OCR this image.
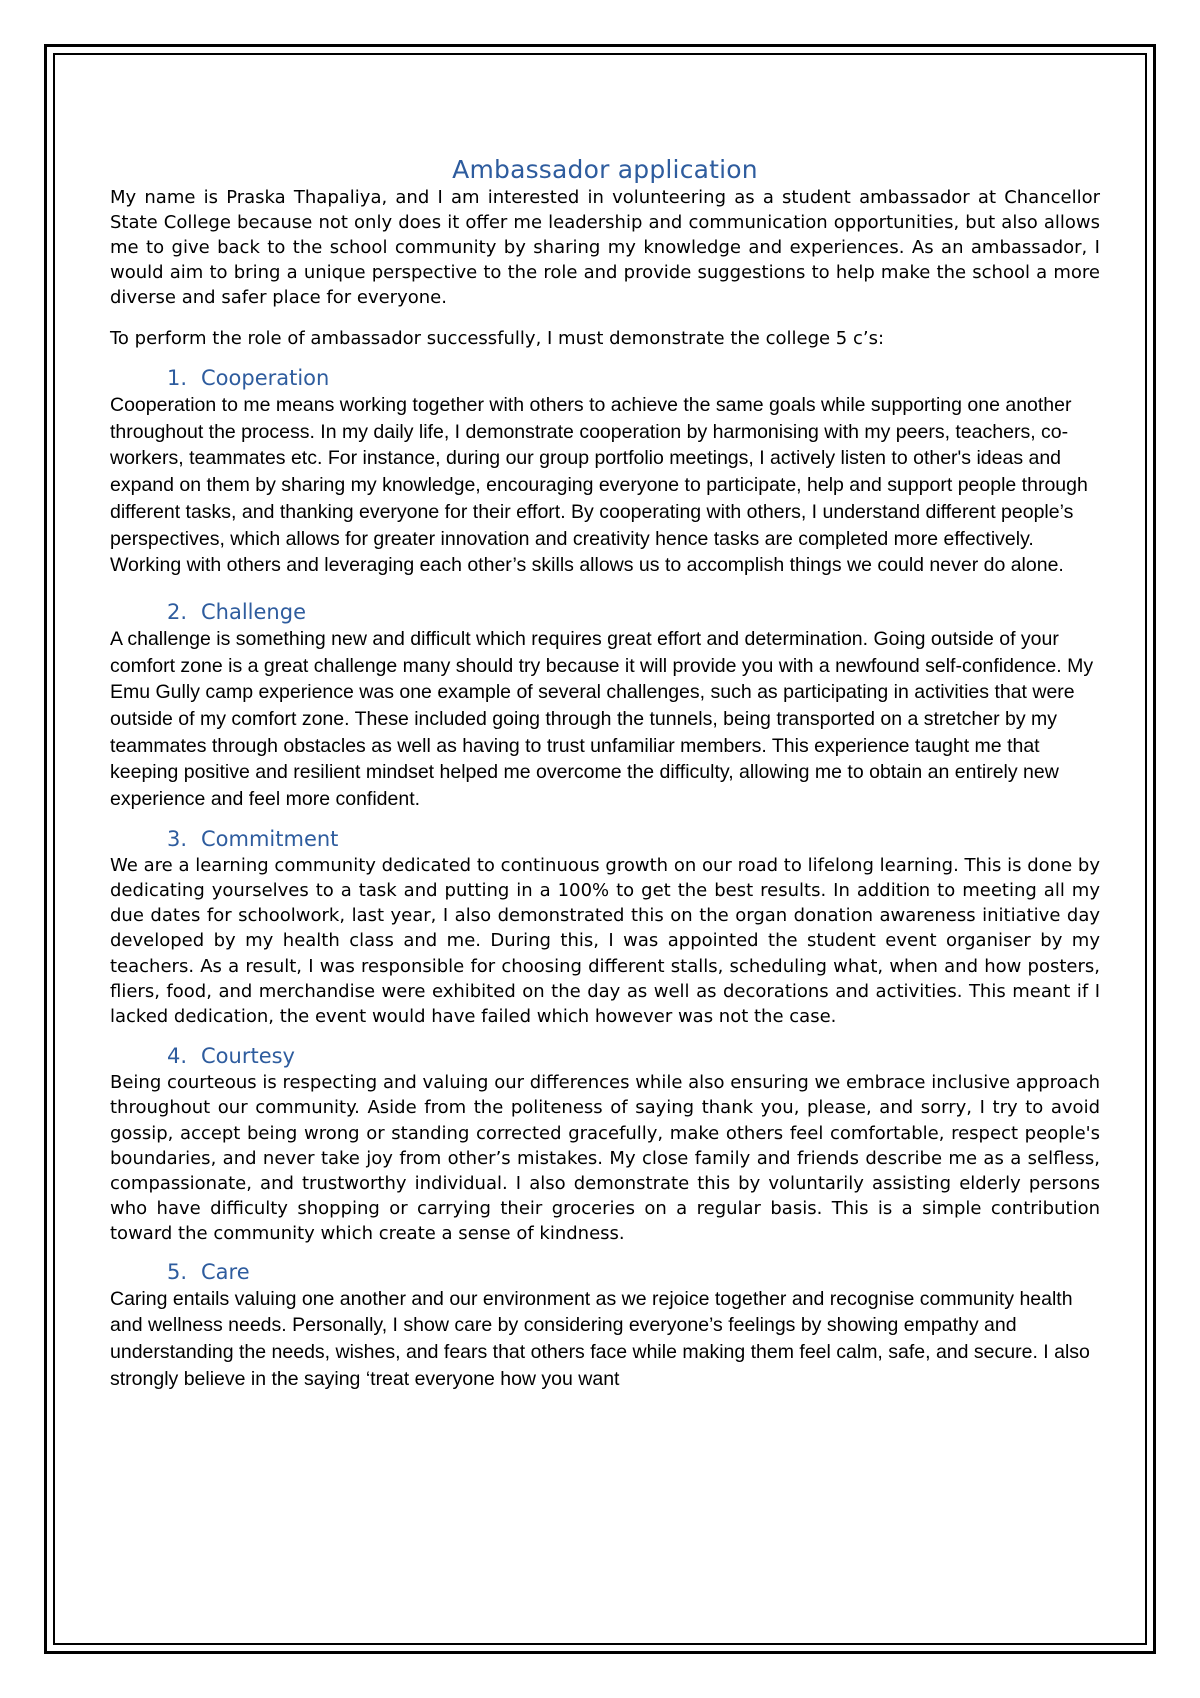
Ambassador application

My name is Praska Thapaliya, and I am interested in volunteering as a student ambassador at Chancellor State College because not only does it offer me leadership and communication opportunities, but also allows me to give back to the school community by sharing my knowledge and experiences. As an ambassador, I would aim to bring a unique perspective to the role and provide suggestions to help make the school a more diverse and safer place for everyone.

To perform the role of ambassador successfully, I must demonstrate the college 5 c’s:

1. Cooperation

Cooperation to me means working together with others to achieve the same goals while supporting one another throughout the process. In my daily life, I demonstrate cooperation by harmonising with my peers, teachers, co-workers, teammates etc. For instance, during our group portfolio meetings, I actively listen to other's ideas and expand on them by sharing my knowledge, encouraging everyone to participate, help and support people through different tasks, and thanking everyone for their effort. By cooperating with others, I understand different people’s perspectives, which allows for greater innovation and creativity hence tasks are completed more effectively. Working with others and leveraging each other’s skills allows us to accomplish things we could never do alone.

2. Challenge

A challenge is something new and difficult which requires great effort and determination. Going outside of your comfort zone is a great challenge many should try because it will provide you with a newfound self-confidence. My Emu Gully camp experience was one example of several challenges, such as participating in activities that were outside of my comfort zone. These included going through the tunnels, being transported on a stretcher by my teammates through obstacles as well as having to trust unfamiliar members. This experience taught me that keeping positive and resilient mindset helped me overcome the difficulty, allowing me to obtain an entirely new experience and feel more confident.

3. Commitment

We are a learning community dedicated to continuous growth on our road to lifelong learning. This is done by dedicating yourselves to a task and putting in a 100% to get the best results. In addition to meeting all my due dates for schoolwork, last year, I also demonstrated this on the organ donation awareness initiative day developed by my health class and me. During this, I was appointed the student event organiser by my teachers. As a result, I was responsible for choosing different stalls, scheduling what, when and how posters, fliers, food, and merchandise were exhibited on the day as well as decorations and activities. This meant if I lacked dedication, the event would have failed which however was not the case.

4. Courtesy

Being courteous is respecting and valuing our differences while also ensuring we embrace inclusive approach throughout our community. Aside from the politeness of saying thank you, please, and sorry, I try to avoid gossip, accept being wrong or standing corrected gracefully, make others feel comfortable, respect people's boundaries, and never take joy from other’s mistakes. My close family and friends describe me as a selfless, compassionate, and trustworthy individual. I also demonstrate this by voluntarily assisting elderly persons who have difficulty shopping or carrying their groceries on a regular basis. This is a simple contribution toward the community which create a sense of kindness.

5. Care

Caring entails valuing one another and our environment as we rejoice together and recognise community health and wellness needs. Personally, I show care by considering everyone’s feelings by showing empathy and understanding the needs, wishes, and fears that others face while making them feel calm, safe, and secure. I also strongly believe in the saying ‘treat everyone how you want
